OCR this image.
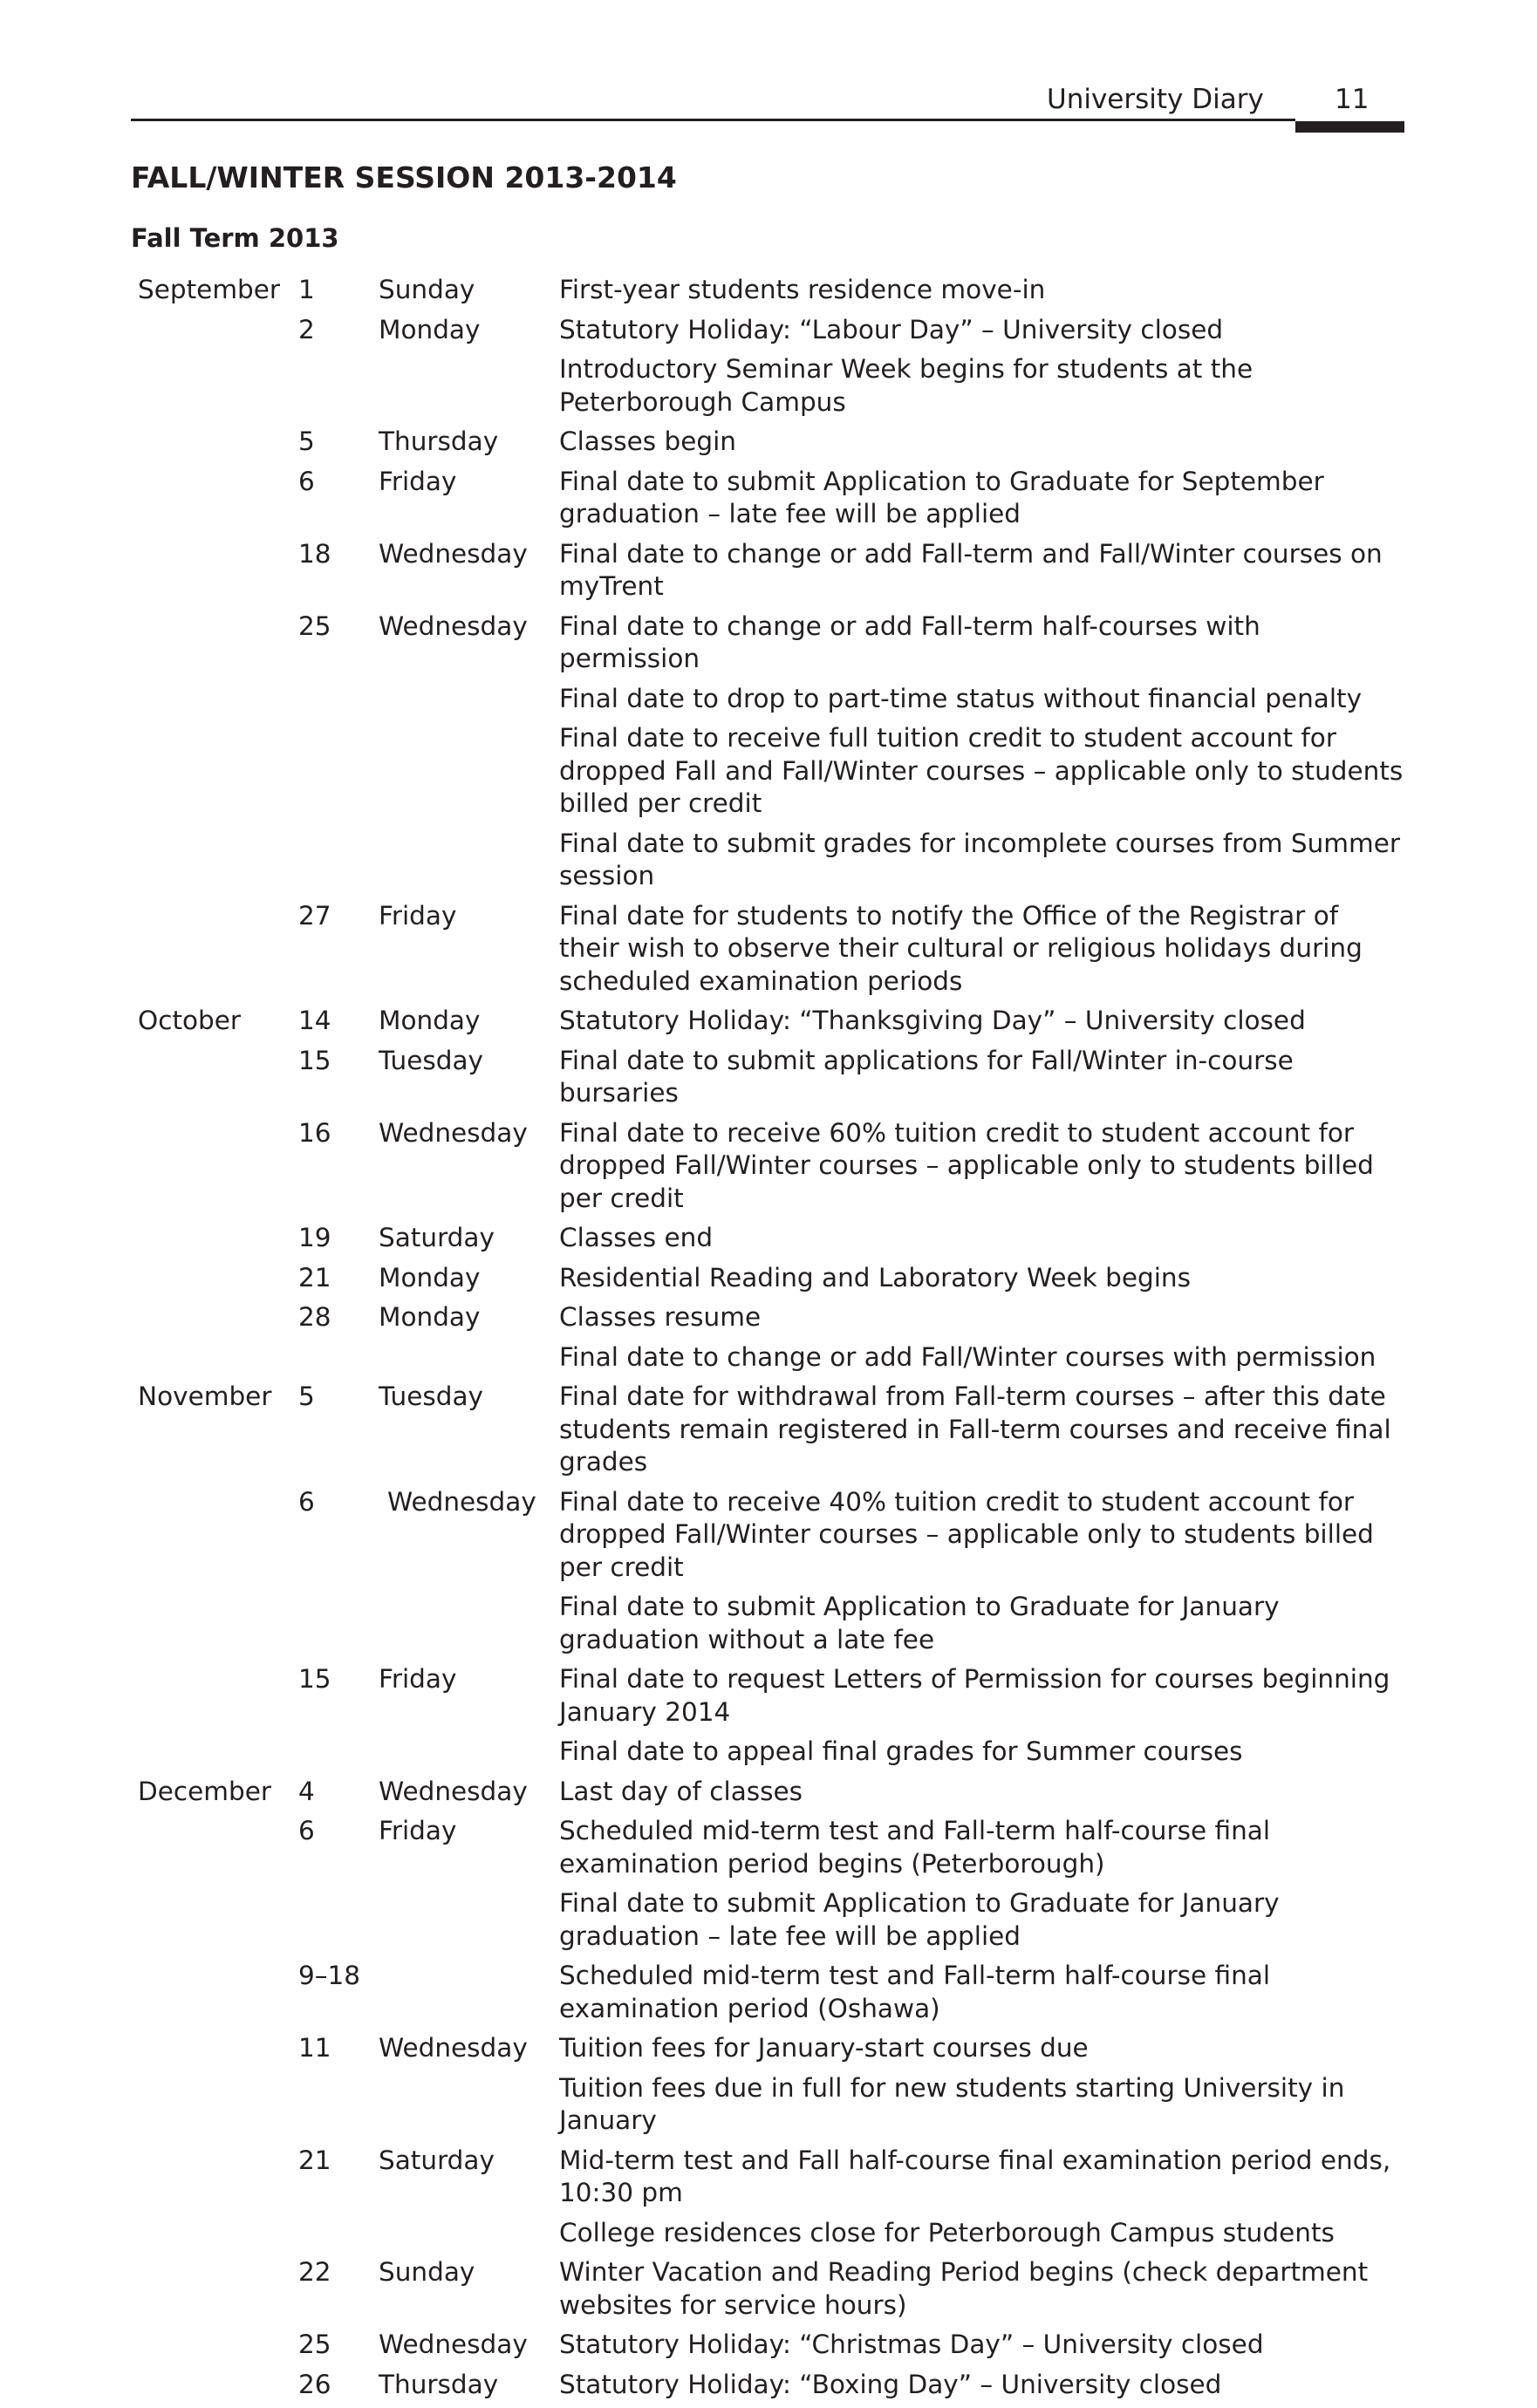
University Diary	11
FALL/WINTER SESSION 2013-2014
Fall Term 2013
September 1 Sunday	First-year students residence move-in
2 Monday	Statutory Holiday: “Labour Day” – University closed
Introductory Seminar Week begins for students at the Peterborough Campus
5 Thursday Classes begin
6 Friday	Final date to submit Application to Graduate for September graduation – late fee will be applied
18 Wednesday Final date to change or add Fall-term and Fall/Winter courses on myTrent
25 Wednesday Final date to change or add Fall-term half-courses with permission
Final date to drop to part-time status without financial penalty
Final date to receive full tuition credit to student account for dropped Fall and Fall/Winter courses – applicable only to students billed per credit
Final date to submit grades for incomplete courses from Summer session
27 Friday	Final date for students to notify the Office of the Registrar of their wish to observe their cultural or religious holidays during scheduled examination periods
October 14 Monday	Statutory Holiday: “Thanksgiving Day” – University closed
15 Tuesday	Final date to submit applications for Fall/Winter in-course bursaries
16 Wednesday Final date to receive 60% tuition credit to student account for dropped Fall/Winter courses – applicable only to students billed per credit
19 Saturday	Classes end
21 Monday	Residential Reading and Laboratory Week begins
28 Monday	Classes resume
Final date to change or add Fall/Winter courses with permission
November 5 Tuesday	Final date for withdrawal from Fall-term courses – after this date students remain registered in Fall-term courses and receive final grades
6	Wednesday Final date to receive 40% tuition credit to student account for dropped Fall/Winter courses – applicable only to students billed per credit
Final date to submit Application to Graduate for January graduation without a late fee
15 Friday	Final date to request Letters of Permission for courses beginning January 2014
Final date to appeal final grades for Summer courses
December 4 Wednesday Last day of classes
6 Friday	Scheduled mid-term test and Fall-term half-course final examination period begins (Peterborough)
Final date to submit Application to Graduate for January graduation – late fee will be applied
9–18	Scheduled mid-term test and Fall-term half-course final examination period (Oshawa)
11 Wednesday Tuition fees for January-start courses due
Tuition fees due in full for new students starting University in January
21 Saturday	Mid-term test and Fall half-course final examination period ends, 10:30 pm
College residences close for Peterborough Campus students
22 Sunday	Winter Vacation and Reading Period begins (check department websites for service hours)
25 Wednesday Statutory Holiday: “Christmas Day” – University closed
26 Thursday Statutory Holiday: “Boxing Day” – University closed
